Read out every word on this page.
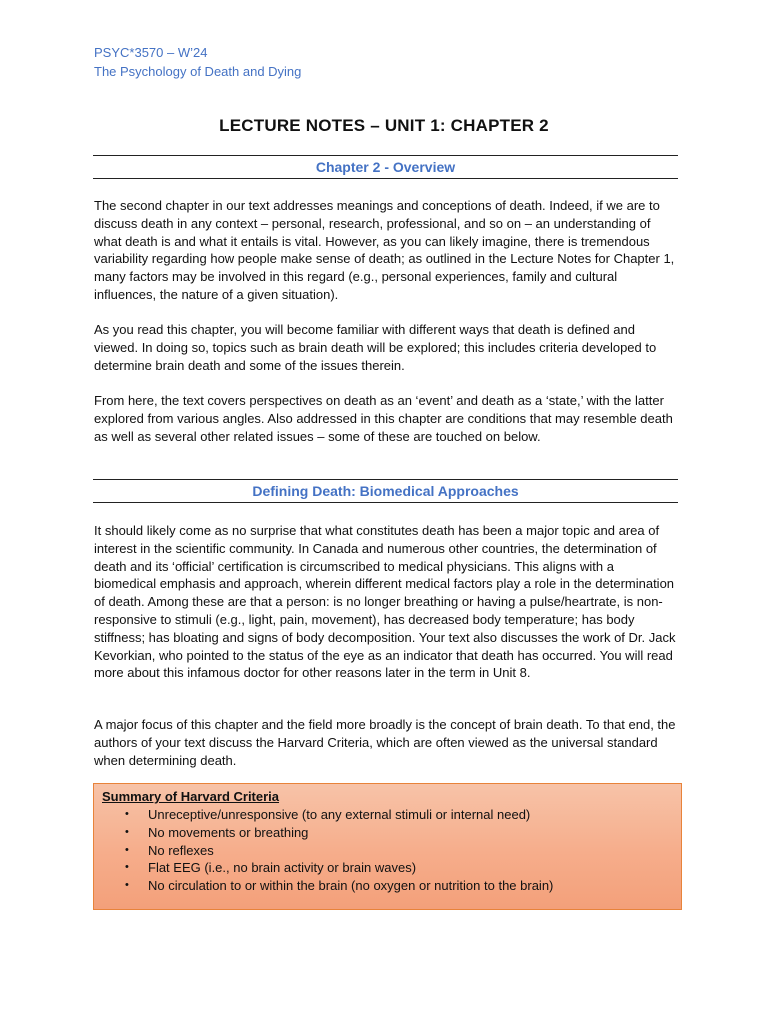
PSYC*3570 – W’24

The Psychology of Death and Dying

LECTURE NOTES – UNIT 1: CHAPTER 2
Chapter 2 - Overview

The second chapter in our text addresses meanings and conceptions of death. Indeed, if we are to discuss death in any context – personal, research, professional, and so on – an understanding of what death is and what it entails is vital. However, as you can likely imagine, there is tremendous variability regarding how people make sense of death; as outlined in the Lecture Notes for Chapter 1, many factors may be involved in this regard (e.g., personal experiences, family and cultural influences, the nature of a given situation).

As you read this chapter, you will become familiar with different ways that death is defined and viewed. In doing so, topics such as brain death will be explored; this includes criteria developed to determine brain death and some of the issues therein.

From here, the text covers perspectives on death as an ‘event’ and death as a ‘state,’ with the latter explored from various angles. Also addressed in this chapter are conditions that may resemble death as well as several other related issues – some of these are touched on below.

Defining Death: Biomedical Approaches

It should likely come as no surprise that what constitutes death has been a major topic and area of interest in the scientific community. In Canada and numerous other countries, the determination of death and its ‘official’ certification is circumscribed to medical physicians. This aligns with a biomedical emphasis and approach, wherein different medical factors play a role in the determination of death. Among these are that a person: is no longer breathing or having a pulse/heartrate, is non-responsive to stimuli (e.g., light, pain, movement), has decreased body temperature; has body stiffness; has bloating and signs of body decomposition. Your text also discusses the work of Dr. Jack Kevorkian, who pointed to the status of the eye as an indicator that death has occurred. You will read more about this infamous doctor for other reasons later in the term in Unit 8.

A major focus of this chapter and the field more broadly is the concept of brain death. To that end, the authors of your text discuss the Harvard Criteria, which are often viewed as the universal standard when determining death.

Summary of Harvard Criteria

• Unreceptive/unresponsive (to any external stimuli or internal need)
• No movements or breathing
• No reflexes
• Flat EEG (i.e., no brain activity or brain waves)
• No circulation to or within the brain (no oxygen or nutrition to the brain)
